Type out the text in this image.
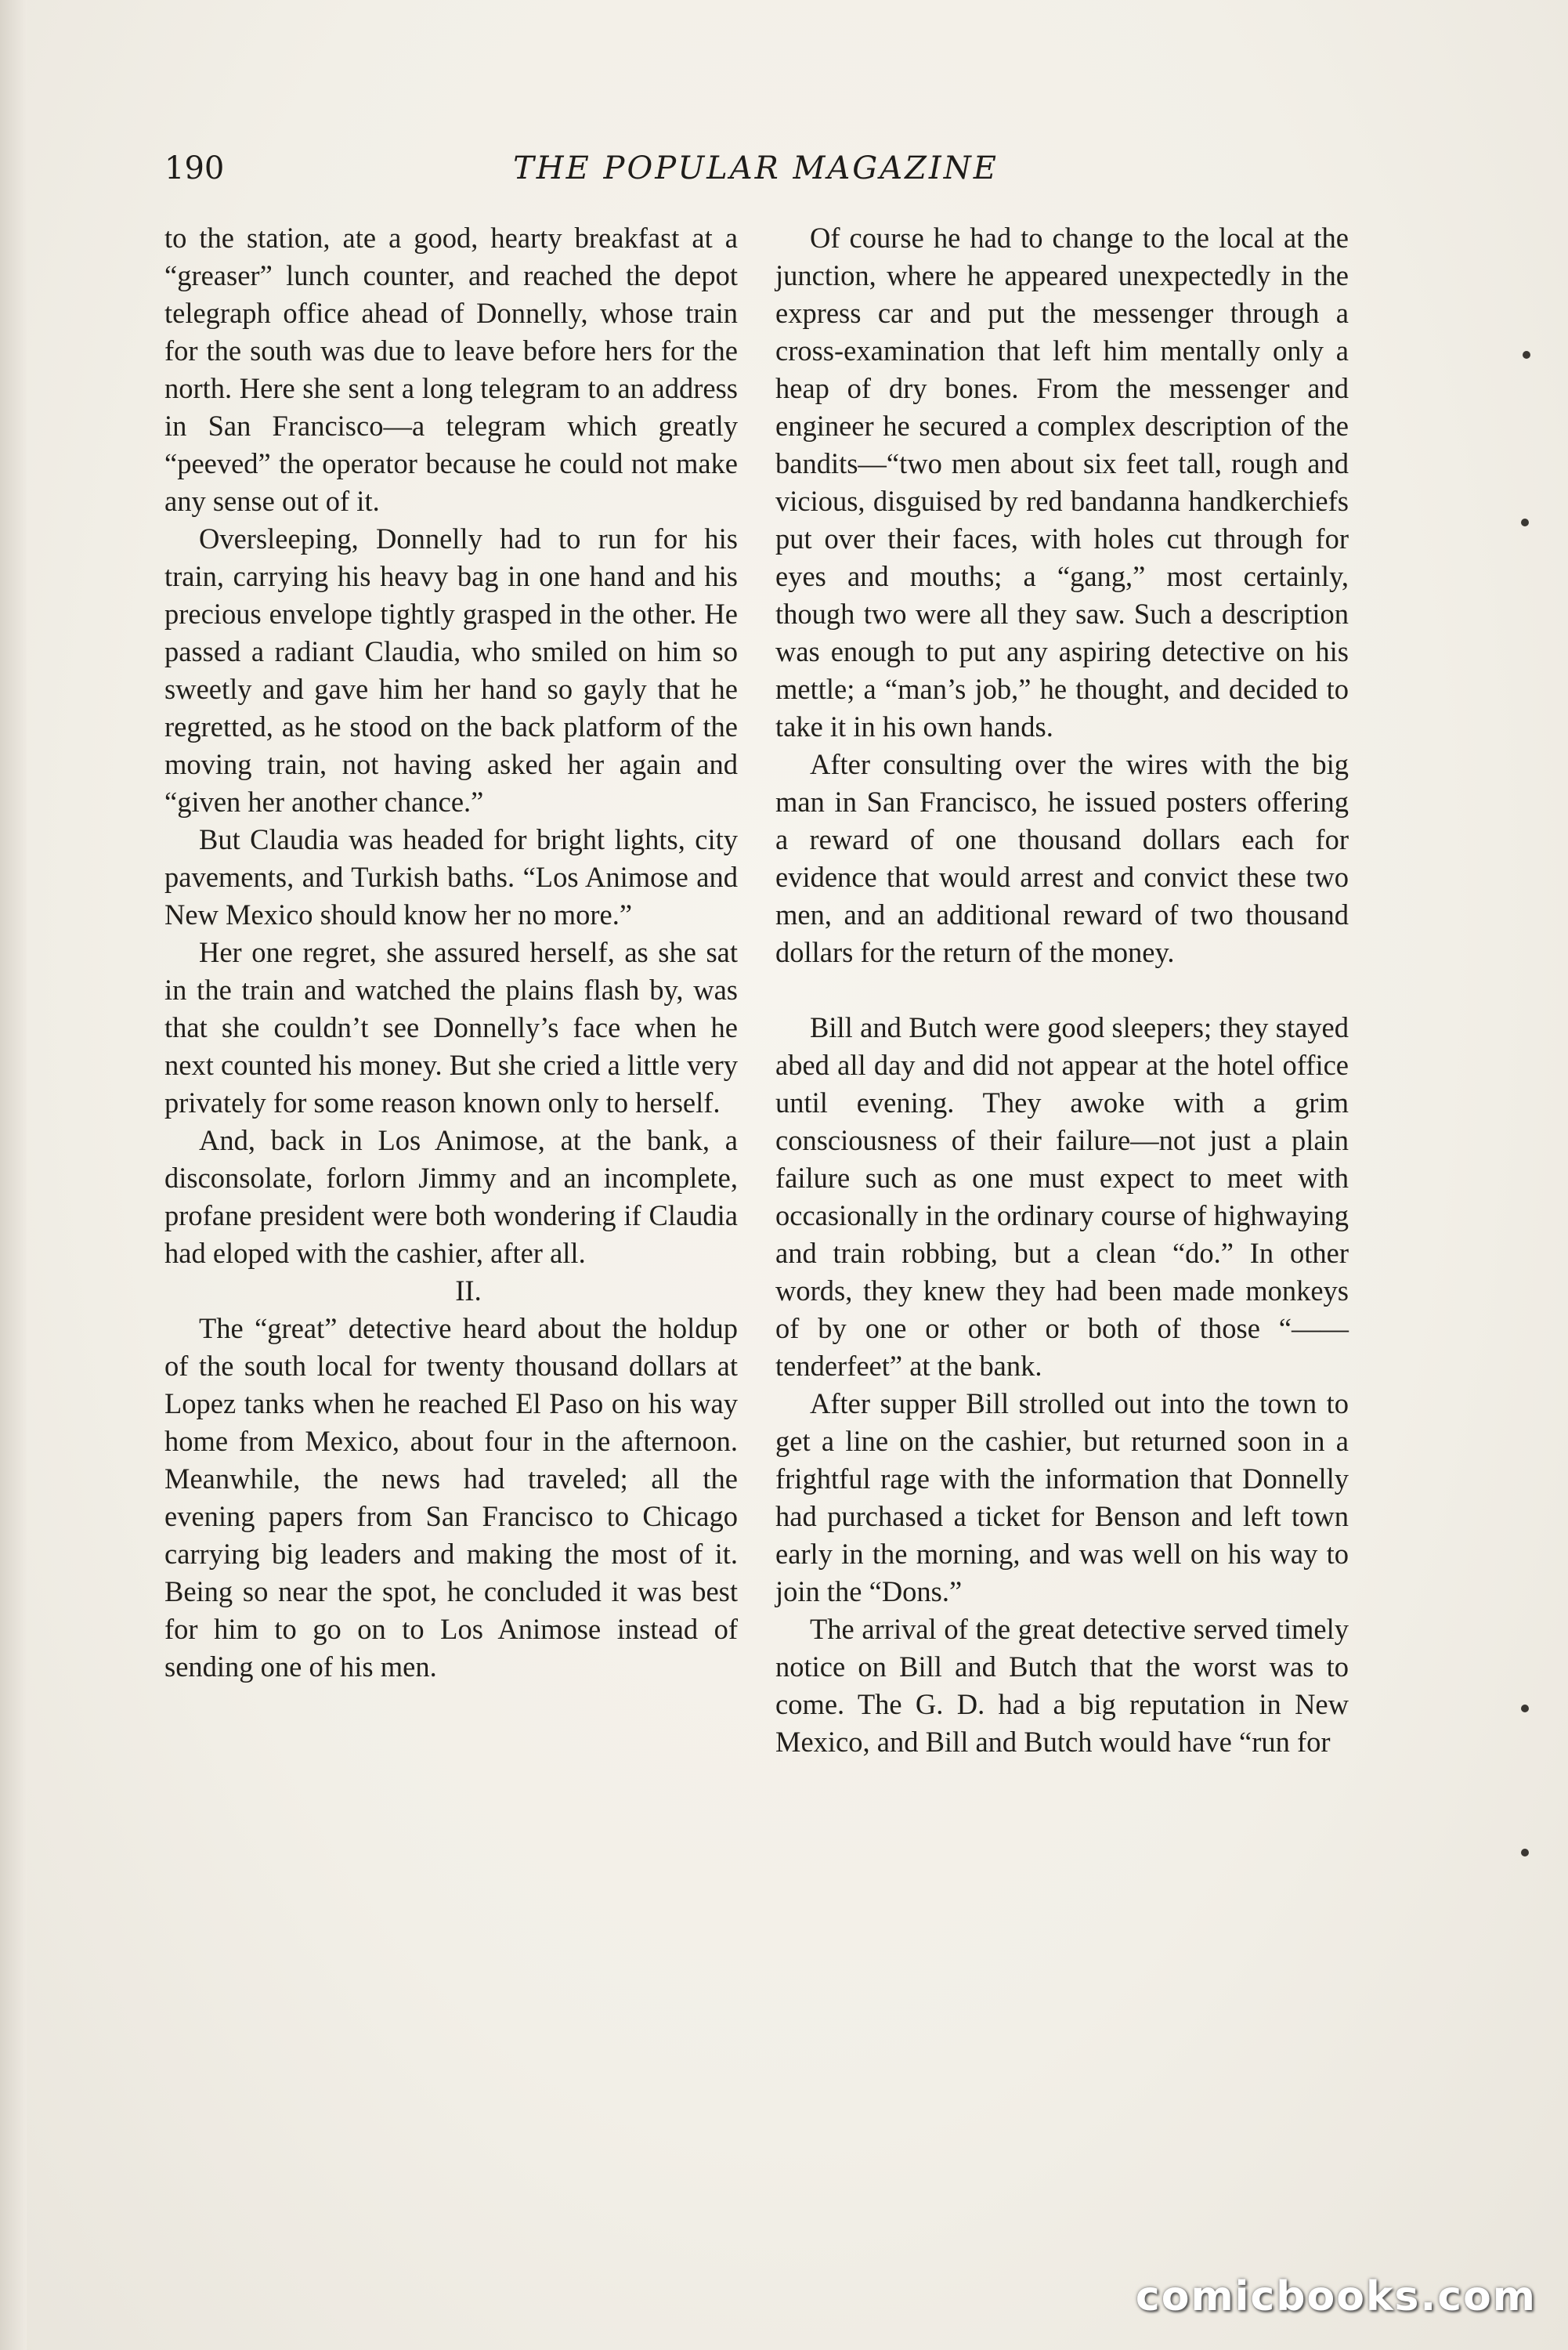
190	THE POPULAR MAGAZINE

to the station, ate a good, hearty breakfast at a “greaser” lunch counter, and reached the depot telegraph office ahead of Donnelly, whose train for the south was due to leave before hers for the north. Here she sent a long telegram to an address in San Francisco—a telegram which greatly “peeved” the operator because he could not make any sense out of it.

Oversleeping, Donnelly had to run for his train, carrying his heavy bag in one hand and his precious envelope tightly grasped in the other. He passed a radiant Claudia, who smiled on him so sweetly and gave him her hand so gayly that he regretted, as he stood on the back platform of the moving train, not having asked her again and “given her another chance.”

But Claudia was headed for bright lights, city pavements, and Turkish baths. “Los Animose and New Mexico should know her no more.”

Her one regret, she assured herself, as she sat in the train and watched the plains flash by, was that she couldn’t see Donnelly’s face when he next counted his money. But she cried a little very privately for some reason known only to herself.

And, back in Los Animose, at the bank, a disconsolate, forlorn Jimmy and an incomplete, profane president were both wondering if Claudia had eloped with the cashier, after all.

II.

The “great” detective heard about the holdup of the south local for twenty thousand dollars at Lopez tanks when he reached El Paso on his way home from Mexico, about four in the afternoon. Meanwhile, the news had traveled; all the evening papers from San Francisco to Chicago carrying big leaders and making the most of it. Being so near the spot, he concluded it was best for him to go on to Los Animose instead of sending one of his men.

Of course he had to change to the local at the junction, where he appeared unexpectedly in the express car and put the messenger through a cross-examination that left him mentally only a heap of dry bones. From the messenger and engineer he secured a complex description of the bandits—“two men about six feet tall, rough and vicious, disguised by red bandanna handkerchiefs put over their faces, with holes cut through for eyes and mouths; a “gang,” most certainly, though two were all they saw. Such a description was enough to put any aspiring detective on his mettle; a “man’s job,” he thought, and decided to take it in his own hands.

After consulting over the wires with the big man in San Francisco, he issued posters offering a reward of one thousand dollars each for evidence that would arrest and convict these two men, and an additional reward of two thousand dollars for the return of the money.

Bill and Butch were good sleepers; they stayed abed all day and did not appear at the hotel office until evening. They awoke with a grim consciousness of their failure—not just a plain failure such as one must expect to meet with occasionally in the ordinary course of highwaying and train robbing, but a clean “do.” In other words, they knew they had been made monkeys of by one or other or both of those “—— tenderfeet” at the bank.

After supper Bill strolled out into the town to get a line on the cashier, but returned soon in a frightful rage with the information that Donnelly had purchased a ticket for Benson and left town early in the morning, and was well on his way to join the “Dons.”

The arrival of the great detective served timely notice on Bill and Butch that the worst was to come. The G. D. had a big reputation in New Mexico, and Bill and Butch would have “run for

comicbooks.com
